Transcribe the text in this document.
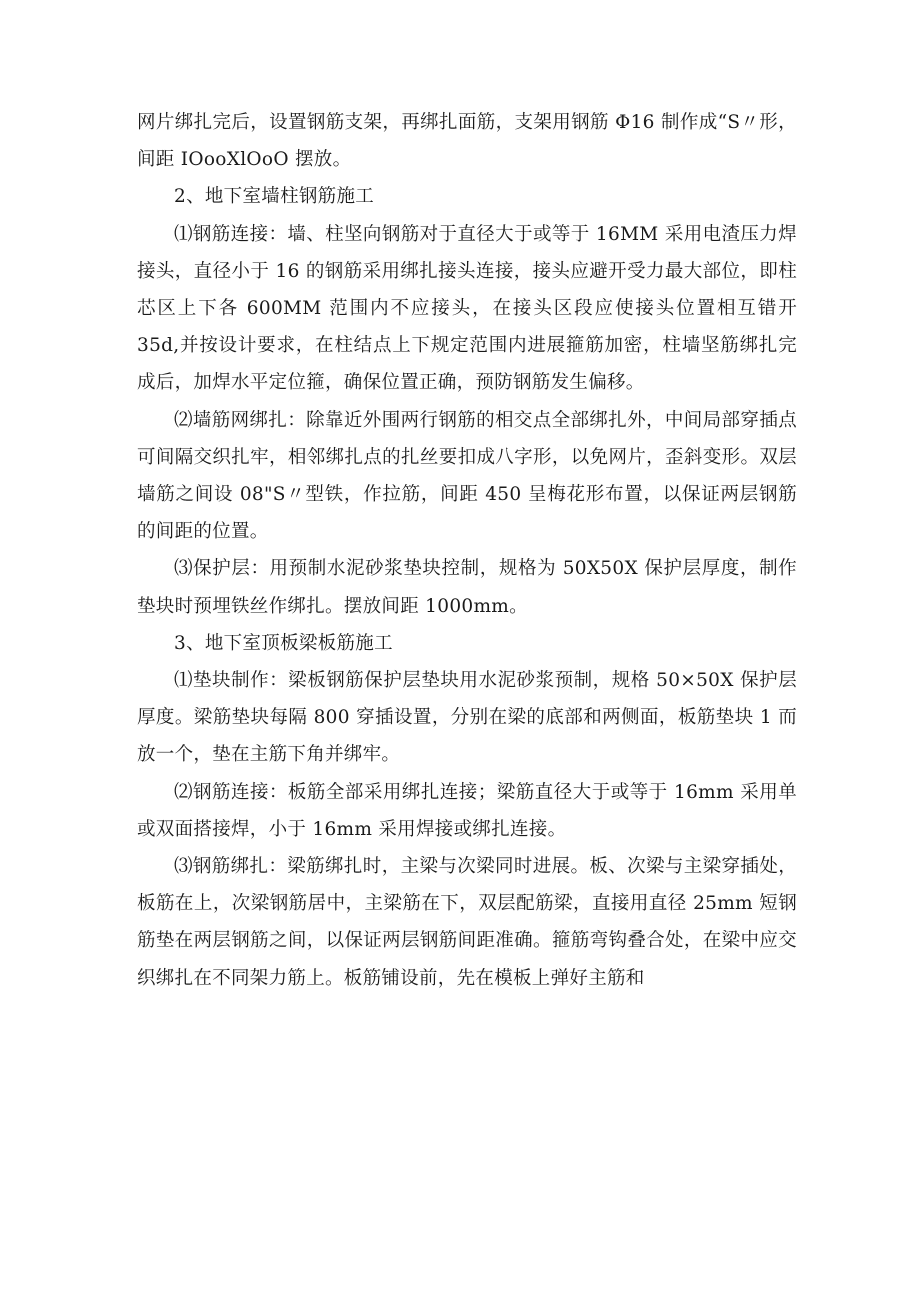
网片绑扎完后，设置钢筋支架，再绑扎面筋，支架用钢筋 Φ16 制作成“S〃形，间距 IOooXlOoO 摆放。

2、地下室墙柱钢筋施工

⑴钢筋连接：墙、柱坚向钢筋对于直径大于或等于 16MM 采用电渣压力焊接头，直径小于 16 的钢筋采用绑扎接头连接，接头应避开受力最大部位，即柱芯区上下各 600MM 范围内不应接头，在接头区段应使接头位置相互错开 35d,并按设计要求，在柱结点上下规定范围内进展箍筋加密，柱墙坚筋绑扎完成后，加焊水平定位箍，确保位置正确，预防钢筋发生偏移。

⑵墙筋网绑扎：除靠近外围两行钢筋的相交点全部绑扎外，中间局部穿插点可间隔交织扎牢，相邻绑扎点的扎丝要扣成八字形，以免网片，歪斜变形。双层墙筋之间设 08"S〃型铁，作拉筋，间距 450 呈梅花形布置，以保证两层钢筋的间距的位置。

⑶保护层：用预制水泥砂浆垫块控制，规格为 50X50X 保护层厚度，制作垫块时预埋铁丝作绑扎。摆放间距 1000mm。

3、地下室顶板梁板筋施工

⑴垫块制作：梁板钢筋保护层垫块用水泥砂浆预制，规格 50×50X 保护层厚度。梁筋垫块每隔 800 穿插设置，分别在梁的底部和两侧面，板筋垫块 1 而放一个，垫在主筋下角并绑牢。

⑵钢筋连接：板筋全部采用绑扎连接；梁筋直径大于或等于 16mm 采用单或双面搭接焊，小于 16mm 采用焊接或绑扎连接。

⑶钢筋绑扎：梁筋绑扎时，主梁与次梁同时进展。板、次梁与主梁穿插处，板筋在上，次梁钢筋居中，主梁筋在下，双层配筋梁，直接用直径 25mm 短钢筋垫在两层钢筋之间，以保证两层钢筋间距准确。箍筋弯钩叠合处，在梁中应交织绑扎在不同架力筋上。板筋铺设前，先在模板上弹好主筋和
